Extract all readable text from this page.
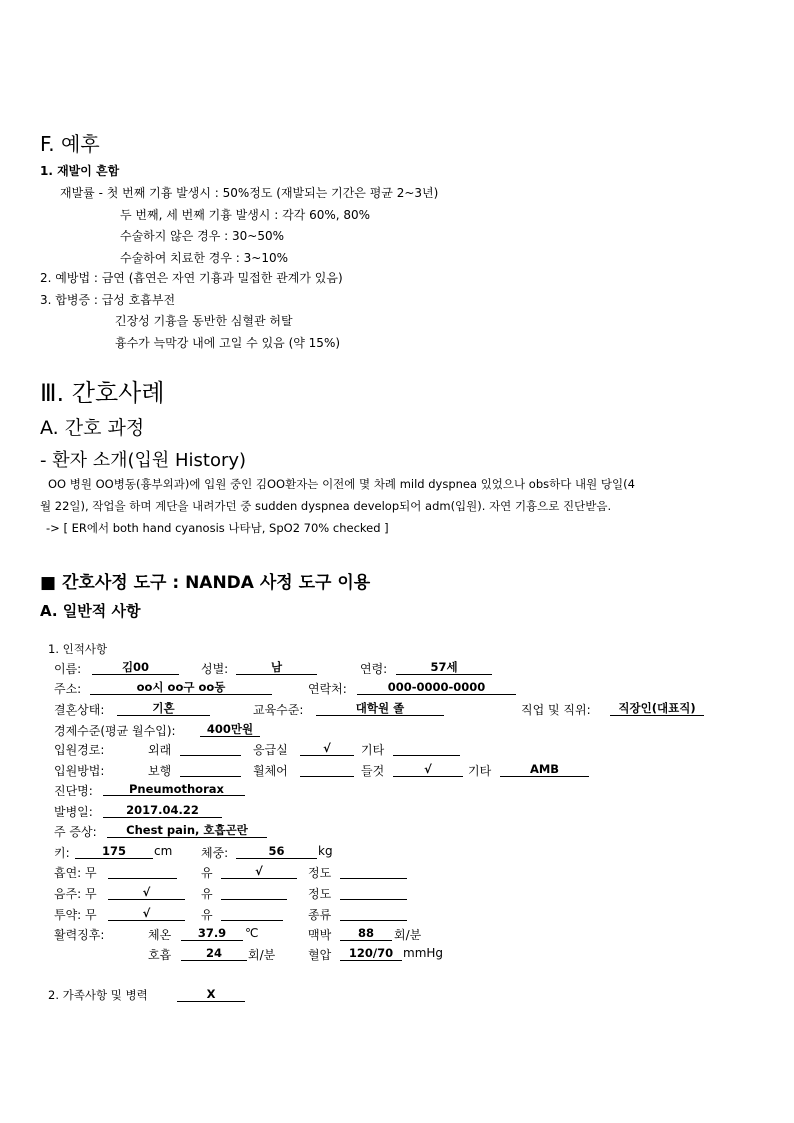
F. 예후
1. 재발이 흔함
재발률 - 첫 번째 기흉 발생시 : 50%정도 (재발되는 기간은 평균 2~3년)
두 번째, 세 번째 기흉 발생시 : 각각 60%, 80%
수술하지 않은 경우 : 30~50%
수술하여 치료한 경우 : 3~10%
2. 예방법 : 금연 (흡연은 자연 기흉과 밀접한 관계가 있음)
3. 합병증 : 급성 호흡부전
긴장성 기흉을 동반한 심혈관 허탈
흉수가 늑막강 내에 고일 수 있음 (약 15%)
Ⅲ. 간호사례
A. 간호 과정
- 환자 소개(입원 History)
OO 병원 OO병동(흉부외과)에 입원 중인 김OO환자는 이전에 몇 차례 mild dyspnea 있었으나 obs하다 내원 당일(4
월 22일), 작업을 하며 계단을 내려가던 중 sudden dyspnea develop되어 adm(입원). 자연 기흉으로 진단받음.
-> [ ER에서 both hand cyanosis 나타남, SpO2 70% checked ]
■ 간호사정 도구 : NANDA 사정 도구 이용
A. 일반적 사항
1. 인적사항
이름:	김00	성별:	남	연령:	57세
주소:	oo시 oo구 oo동	연락처:	000-0000-0000
결혼상태:	기혼	교육수준:	대학원 졸	직업 및 직위:	직장인(대표직)
경제수준(평균 월수입):	400만원
입원경로:	외래	응급실	√	기타
입원방법:	보행	휠체어	들것	√	기타	AMB
진단명:	Pneumothorax
발병일:	2017.04.22
주 증상:	Chest pain, 호흡곤란
키:	175	cm 체중:	56	kg
흡연: 무	유	√	정도
음주: 무	√	유	정도
투약: 무	√	유	종류
활력징후:	체온	37.9	℃	맥박	88	회/분
호흡	24	회/분	혈압	120/70 mmHg
2. 가족사항 및 병력	X
